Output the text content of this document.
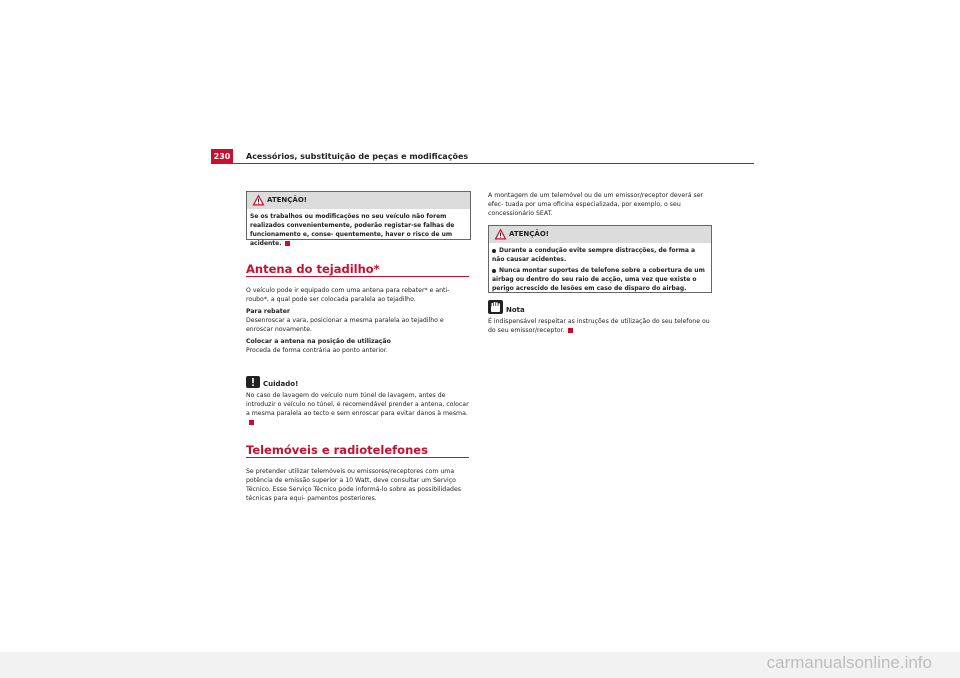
230	Acessórios, substituição de peças e modificações
ATENÇÃO!
Se os trabalhos ou modificações no seu veículo não forem realizados convenientemente, poderão registar-se falhas de funcionamento e, conse- quentemente, haver o risco de um acidente.
Antena do tejadilho*

O veículo pode ir equipado com uma antena para rebater* e anti-roubo*, a qual pode ser colocada paralela ao tejadilho.

Para rebater

Desenroscar a vara, posicionar a mesma paralela ao tejadilho e enroscar novamente.

Colocar a antena na posição de utilização

Proceda de forma contrária ao ponto anterior.

Cuidado!

No caso de lavagem do veículo num túnel de lavagem, antes de introduzir o veículo no túnel, é recomendável prender a antena, colocar a mesma paralela ao tecto e sem enroscar para evitar danos à mesma.

Telemóveis e radiotelefones

Se pretender utilizar telemóveis ou emissores/receptores com uma potência de emissão superior a 10 Watt, deve consultar um Serviço Técnico. Esse Serviço Técnico pode informá-lo sobre as possibilidades técnicas para equi- pamentos posteriores.

A montagem de um telemóvel ou de um emissor/receptor deverá ser efec- tuada por uma oficina especializada, por exemplo, o seu concessionário SEAT.

ATENÇÃO!

Durante a condução evite sempre distracções, de forma a não causar acidentes.

Nunca montar suportes de telefone sobre a cobertura de um airbag ou dentro do seu raio de acção, uma vez que existe o perigo acrescido de lesões em caso de disparo do airbag.

Nota

É indispensável respeitar as instruções de utilização do seu telefone ou do seu emissor/receptor.

carmanualsonline.info
